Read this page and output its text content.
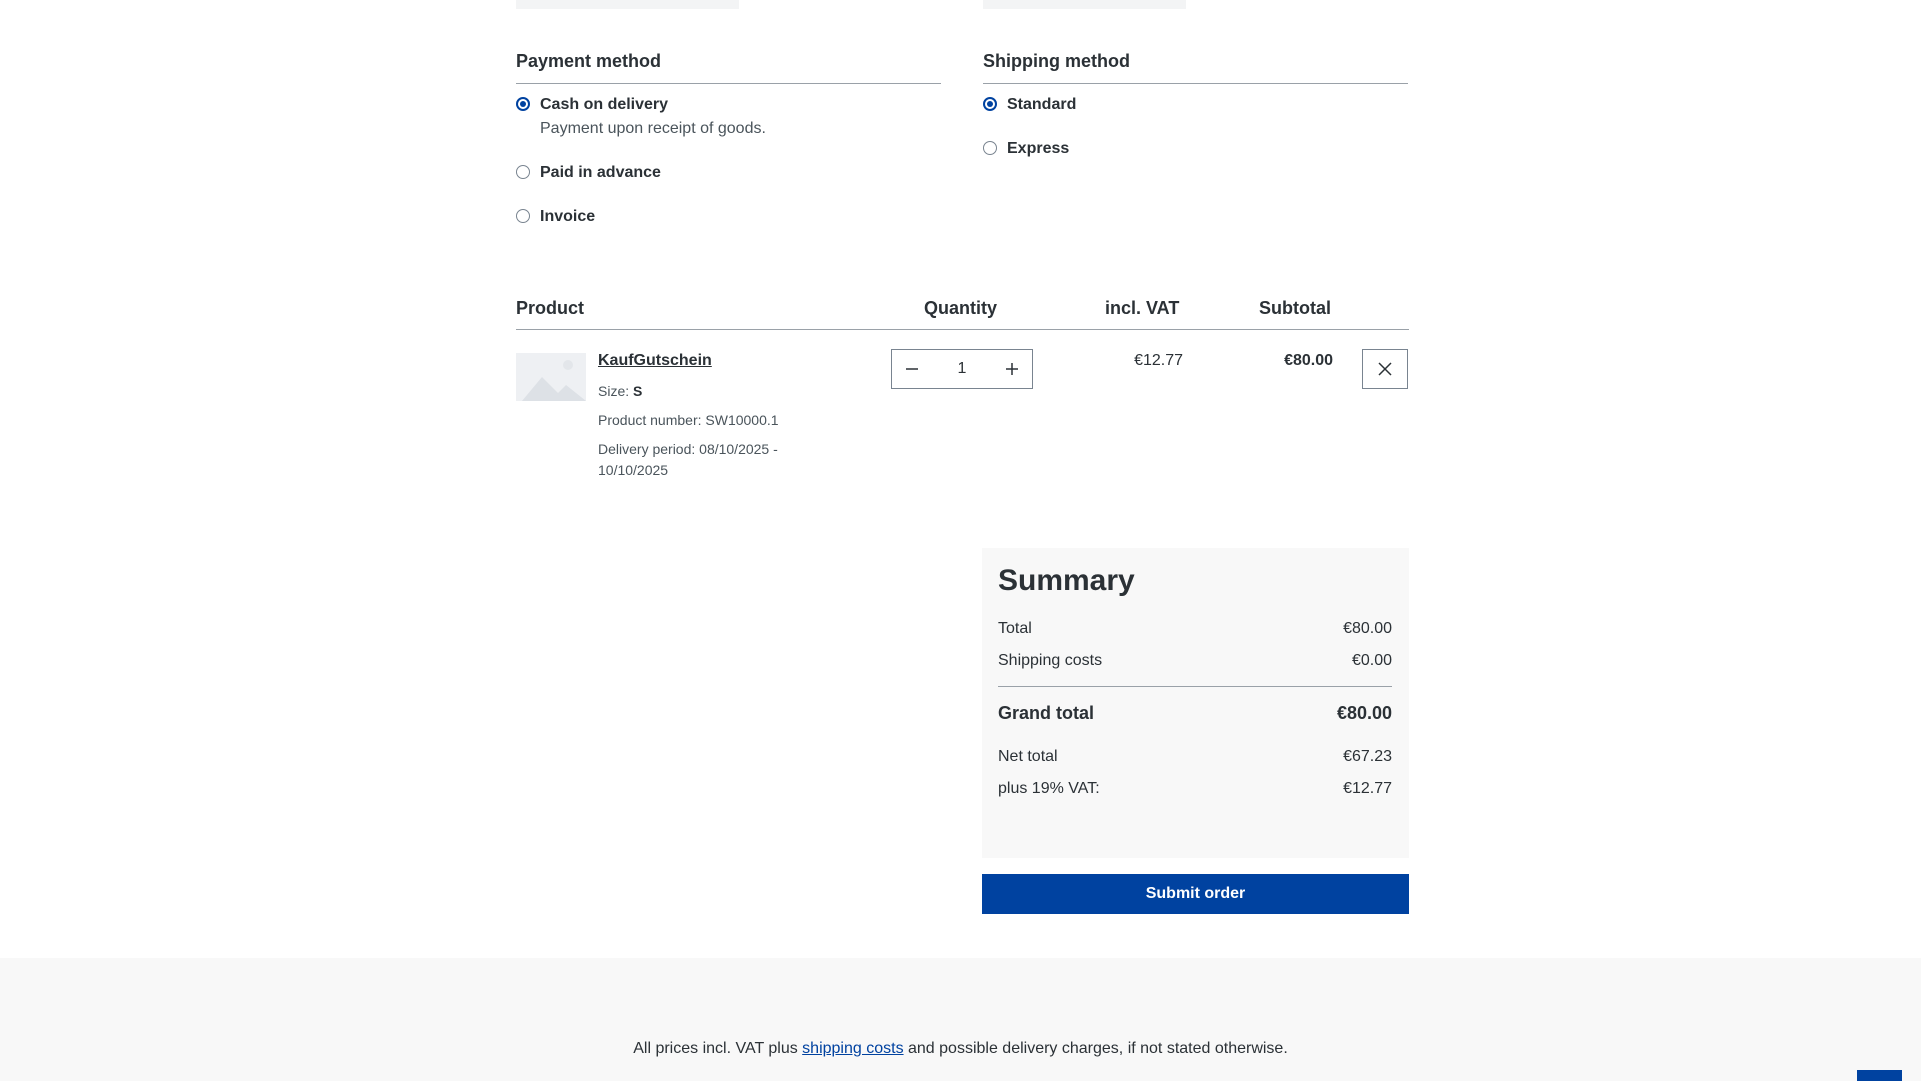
Payment method
Cash on delivery
Payment upon receipt of goods.
Paid in advance
Invoice
Shipping method
Standard
Express
Product	Quantity	incl. VAT	Subtotal
KaufGutschein
Size: S
Product number: SW10000.1
Delivery period: 08/10/2025 -
10/10/2025
1	€12.77	€80.00
Summary
Total	€80.00
Shipping costs	€0.00
Grand total	€80.00
Net total	€67.23
plus 19% VAT:	€12.77
Submit order
All prices incl. VAT plus shipping costs and possible delivery charges, if not stated otherwise.
